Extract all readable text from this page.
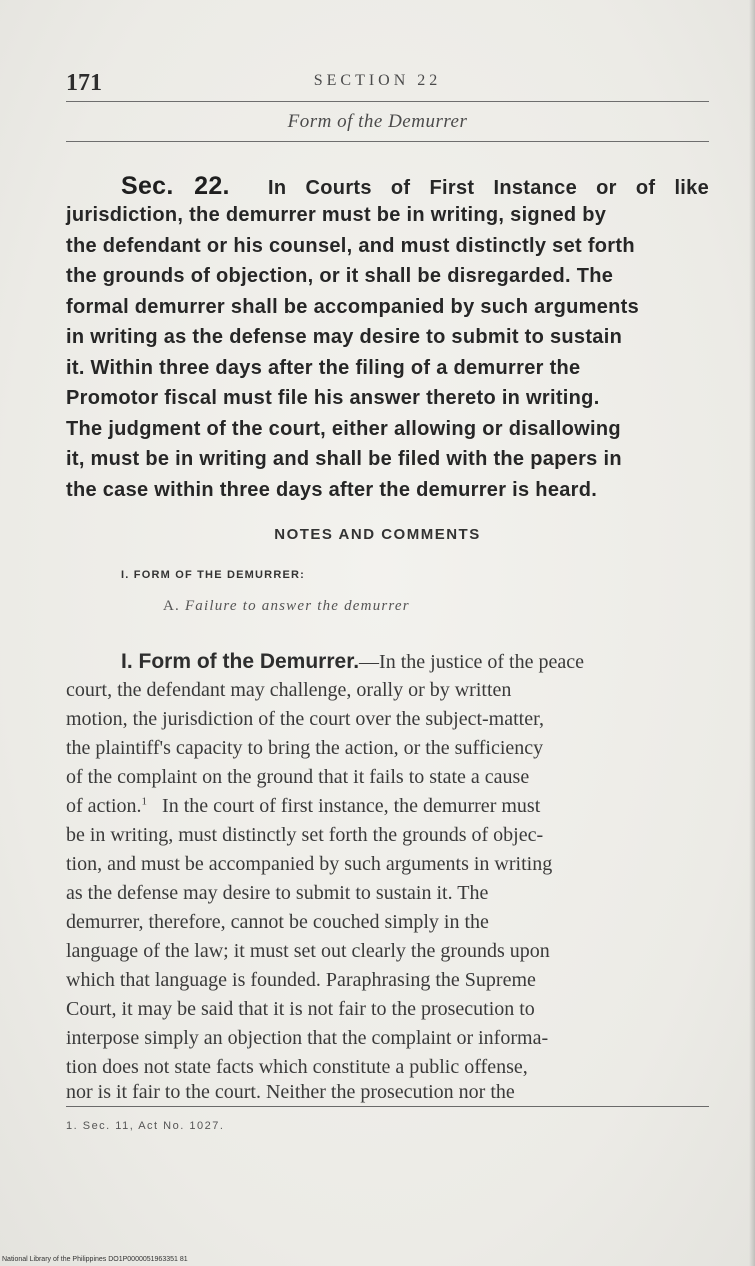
171	SECTION 22
Form of the Demurrer
Sec. 22. In Courts of First Instance or of like
jurisdiction, the demurrer must be in writing, signed by
the defendant or his counsel, and must distinctly set forth
the grounds of objection, or it shall be disregarded. The
formal demurrer shall be accompanied by such arguments
in writing as the defense may desire to submit to sustain
it. Within three days after the filing of a demurrer the
Promotor fiscal must file his answer thereto in writing.
The judgment of the court, either allowing or disallowing
it, must be in writing and shall be filed with the papers in
the case within three days after the demurrer is heard.
NOTES AND COMMENTS
I. FORM OF THE DEMURRER:
A. Failure to answer the demurrer
I. Form of the Demurrer.—In the justice of the peace
court, the defendant may challenge, orally or by written
motion, the jurisdiction of the court over the subject-matter,
the plaintiff's capacity to bring the action, or the sufficiency
of the complaint on the ground that it fails to state a cause
of action.$^1$   In the court of first instance, the demurrer must
be in writing, must distinctly set forth the grounds of objec-
tion, and must be accompanied by such arguments in writing
as the defense may desire to submit to sustain it. The
demurrer, therefore, cannot be couched simply in the
language of the law; it must set out clearly the grounds upon
which that language is founded. Paraphrasing the Supreme
Court, it may be said that it is not fair to the prosecution to
interpose simply an objection that the complaint or informa-
tion does not state facts which constitute a public offense,
nor is it fair to the court. Neither the prosecution nor the
1. Sec. 11, Act No. 1027.
National Library of the Philippines DO1P0000051963351 81
